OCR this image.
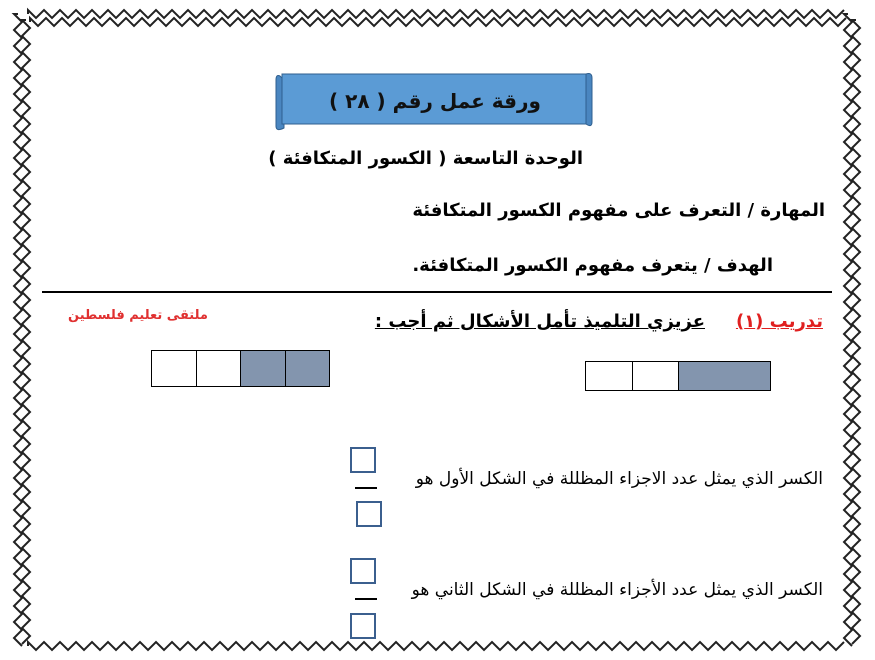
ورقة عمل رقم ( ٢٨ )
الوحدة التاسعة ( الكسور المتكافئة )
المهارة / التعرف على مفهوم الكسور المتكافئة
الهدف / يتعرف مفهوم الكسور المتكافئة.
ملتقى تعليم فلسطين	تدريب (١)
عزيزي التلميذ تأمل الأشكال ثم أجب :
الكسر الذي يمثل عدد الاجزاء المظللة في الشكل الأول هو
الكسر الذي يمثل عدد الأجزاء المظللة في الشكل الثاني هو
